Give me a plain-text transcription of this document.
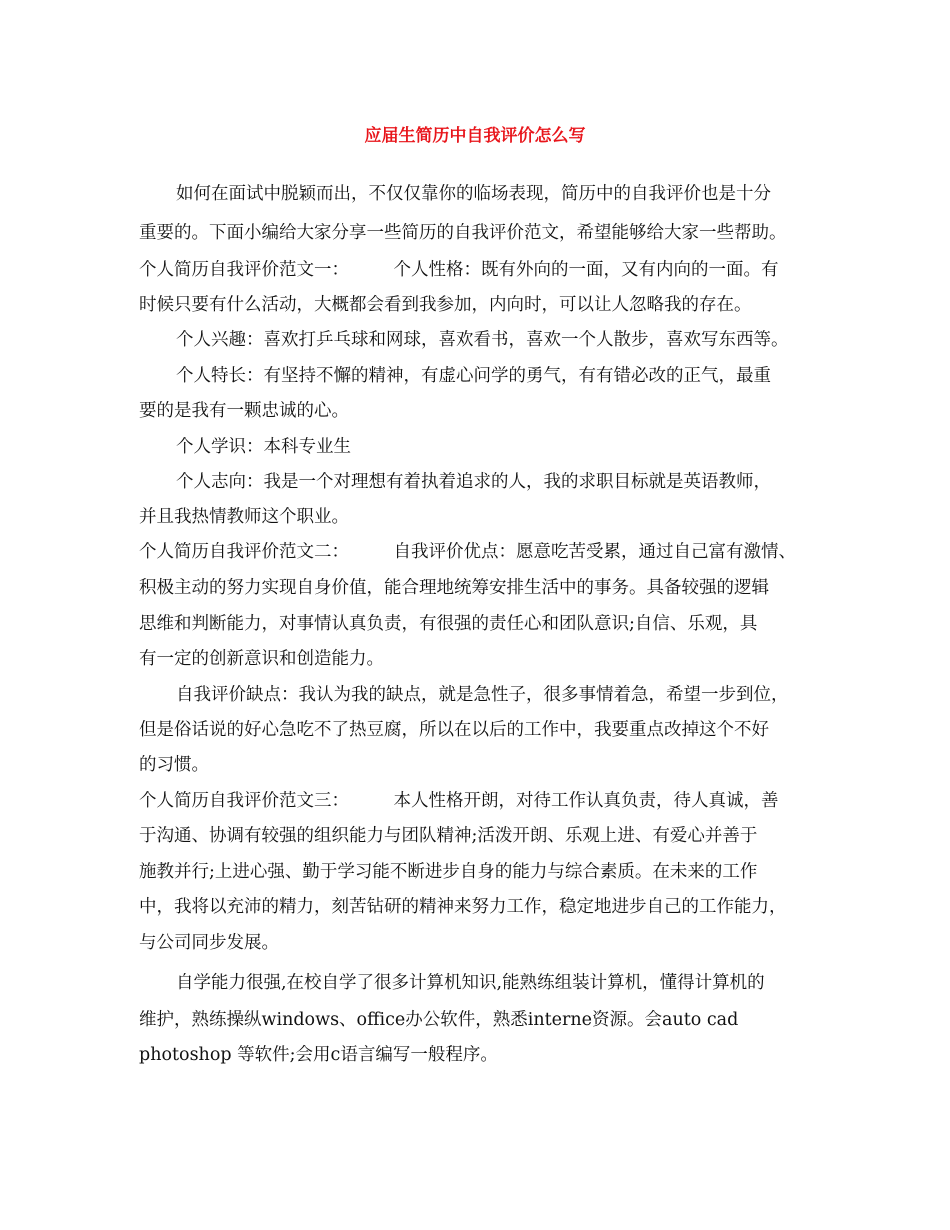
应届生简历中自我评价怎么写

如何在面试中脱颖而出，不仅仅靠你的临场表现，简历中的自我评价也是十分

重要的。下面小编给大家分享一些简历的自我评价范文，希望能够给大家一些帮助。

个人简历自我评价范文一：        个人性格：既有外向的一面，又有内向的一面。有

时候只要有什么活动，大概都会看到我参加，内向时，可以让人忽略我的存在。

个人兴趣：喜欢打乒乓球和网球，喜欢看书，喜欢一个人散步，喜欢写东西等。

个人特长：有坚持不懈的精神，有虚心问学的勇气，有有错必改的正气，最重

要的是我有一颗忠诚的心。

个人学识：本科专业生

个人志向：我是一个对理想有着执着追求的人，我的求职目标就是英语教师，

并且我热情教师这个职业。

个人简历自我评价范文二：        自我评价优点：愿意吃苦受累，通过自己富有激情、

积极主动的努力实现自身价值，能合理地统筹安排生活中的事务。具备较强的逻辑

思维和判断能力，对事情认真负责，有很强的责任心和团队意识;自信、乐观，具

有一定的创新意识和创造能力。

自我评价缺点：我认为我的缺点，就是急性子，很多事情着急，希望一步到位，

但是俗话说的好心急吃不了热豆腐，所以在以后的工作中，我要重点改掉这个不好

的习惯。

个人简历自我评价范文三：        本人性格开朗，对待工作认真负责，待人真诚，善

于沟通、协调有较强的组织能力与团队精神;活泼开朗、乐观上进、有爱心并善于

施教并行;上进心强、勤于学习能不断进步自身的能力与综合素质。在未来的工作

中，我将以充沛的精力，刻苦钻研的精神来努力工作，稳定地进步自己的工作能力，

与公司同步发展。

自学能力很强,在校自学了很多计算机知识,能熟练组装计算机，懂得计算机的

维护，熟练操纵windows、office办公软件，熟悉interne资源。会auto cad

photoshop 等软件;会用c语言编写一般程序。
